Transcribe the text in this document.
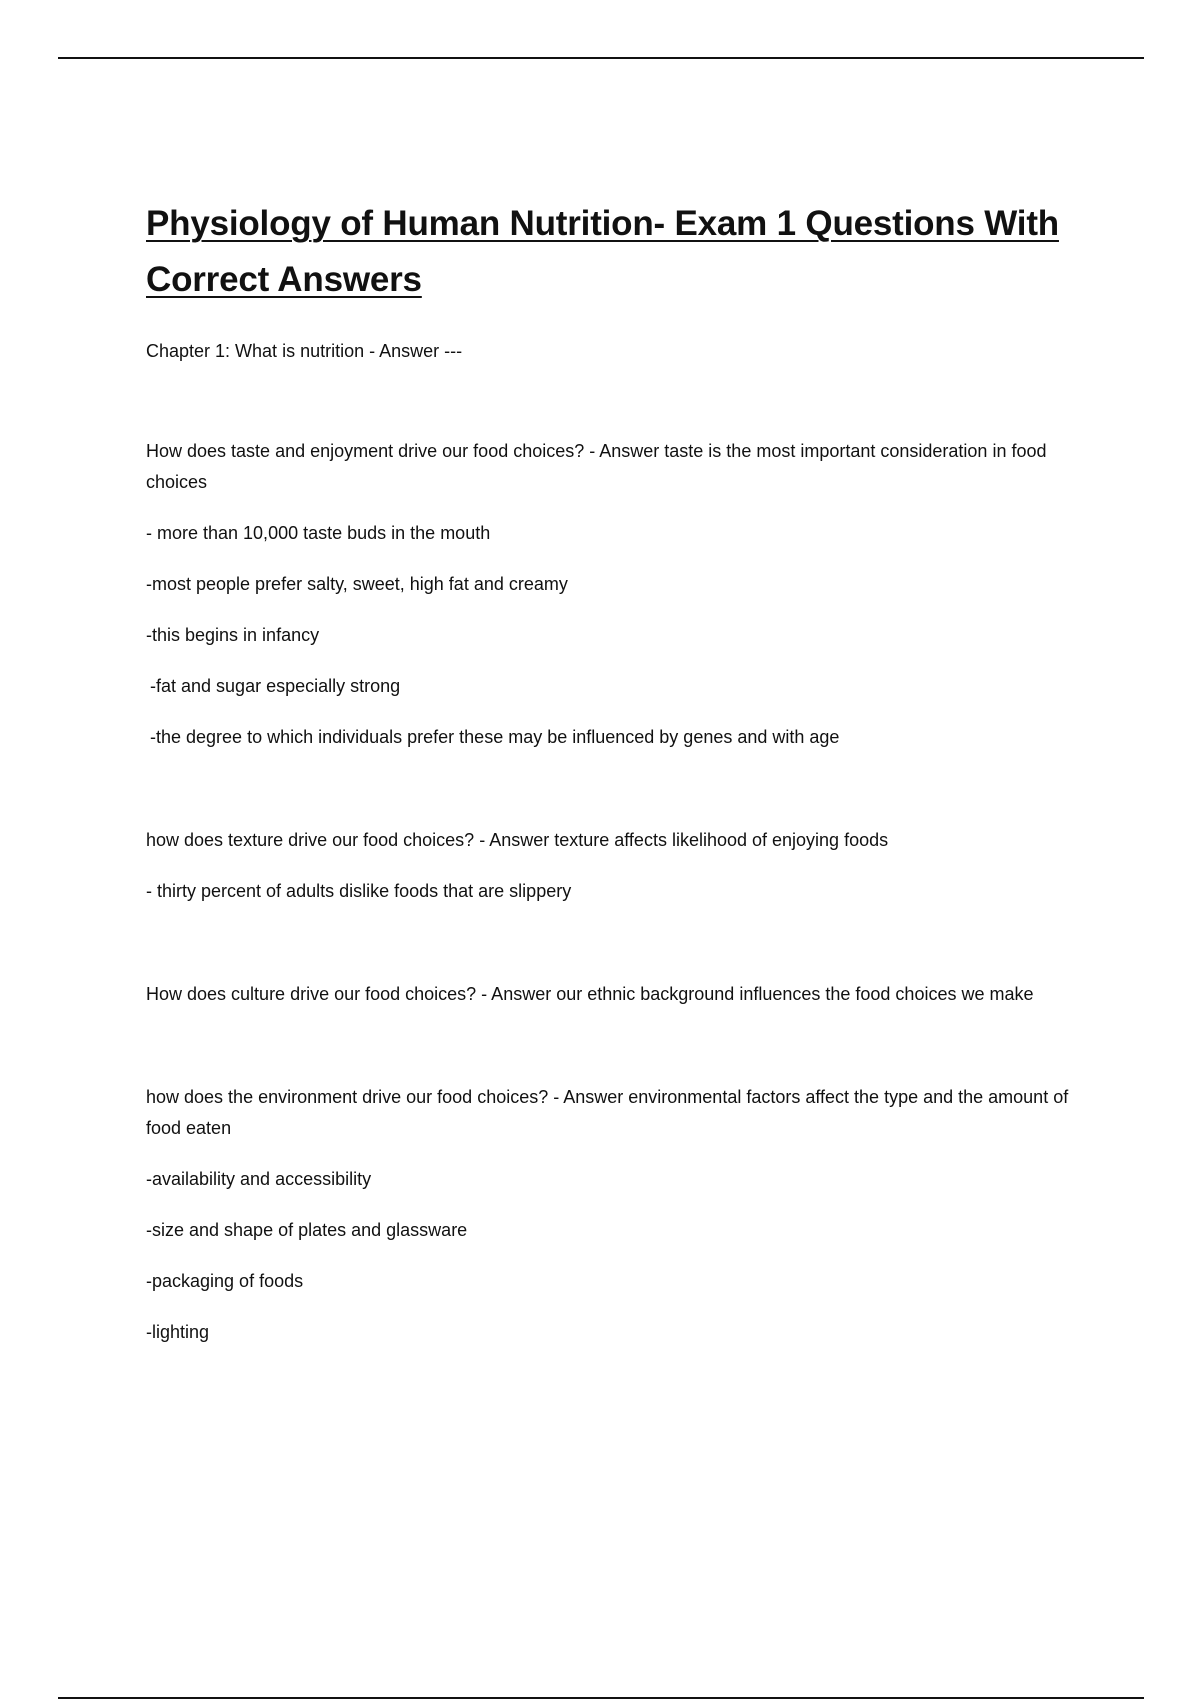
Physiology of Human Nutrition- Exam 1 Questions With Correct Answers

Chapter 1: What is nutrition - Answer ---

How does taste and enjoyment drive our food choices? - Answer taste is the most important consideration in food choices

- more than 10,000 taste buds in the mouth

-most people prefer salty, sweet, high fat and creamy

-this begins in infancy

-fat and sugar especially strong

-the degree to which individuals prefer these may be influenced by genes and with age

how does texture drive our food choices? - Answer texture affects likelihood of enjoying foods

- thirty percent of adults dislike foods that are slippery

How does culture drive our food choices? - Answer our ethnic background influences the food choices we make

how does the environment drive our food choices? - Answer environmental factors affect the type and the amount of food eaten

-availability and accessibility

-size and shape of plates and glassware

-packaging of foods

-lighting
